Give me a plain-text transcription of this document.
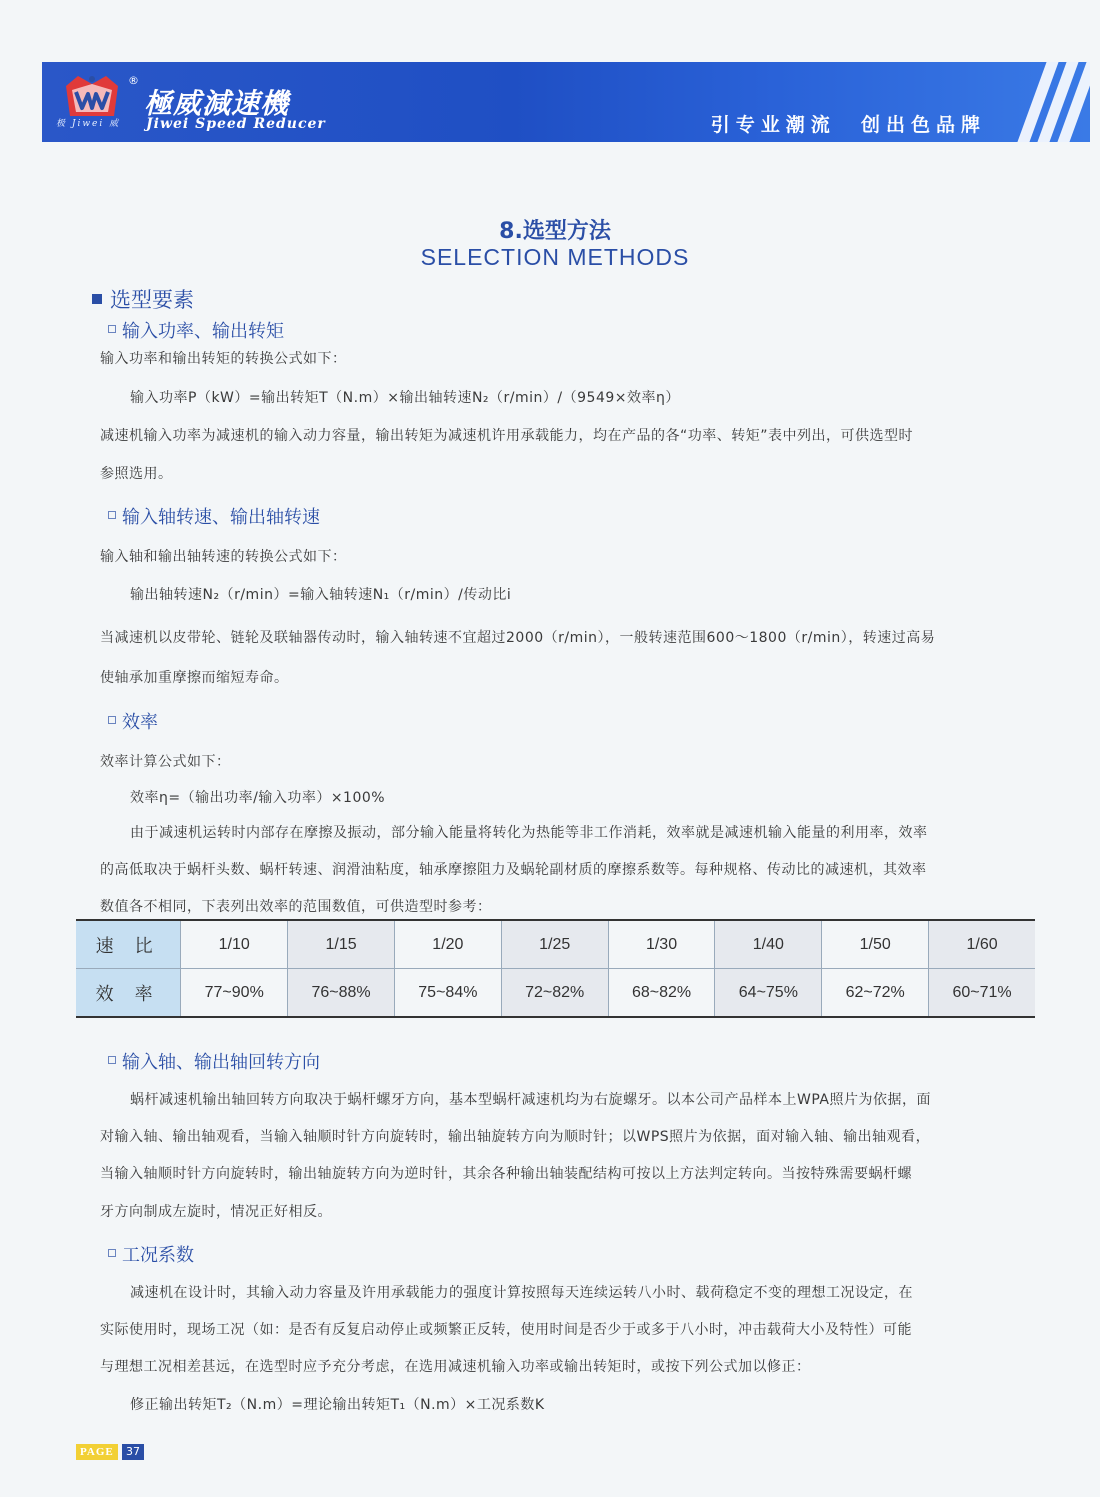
极 Jiwei 威
®
極威減速機
Jiwei Speed Reducer	引专业潮流  创出色品牌
8.选型方法
SELECTION METHODS
选型要素
输入功率、输出转矩
输入功率和输出转矩的转换公式如下：
输入功率P（kW）=输出转矩T（N.m）×输出轴转速N₂（r/min）/（9549×效率η）
减速机输入功率为减速机的输入动力容量，输出转矩为减速机许用承载能力，均在产品的各“功率、转矩”表中列出，可供选型时
参照选用。
输入轴转速、输出轴转速
输入轴和输出轴转速的转换公式如下：
输出轴转速N₂（r/min）=输入轴转速N₁（r/min）/传动比i
当减速机以皮带轮、链轮及联轴器传动时，输入轴转速不宜超过2000（r/min），一般转速范围600～1800（r/min），转速过高易
使轴承加重摩擦而缩短寿命。
效率
效率计算公式如下：
效率η=（输出功率/输入功率）×100%
由于减速机运转时内部存在摩擦及振动，部分输入能量将转化为热能等非工作消耗，效率就是减速机输入能量的利用率，效率
的高低取决于蜗杆头数、蜗杆转速、润滑油粘度，轴承摩擦阻力及蜗轮副材质的摩擦系数等。每种规格、传动比的减速机，其效率
数值各不相同，下表列出效率的范围数值，可供造型时参考：
速 比	1/10	1/15	1/20	1/25	1/30	1/40	1/50	1/60
效 率	77~90%	76~88%	75~84%	72~82%	68~82%	64~75%	62~72%	60~71%
输入轴、输出轴回转方向
蜗杆减速机输出轴回转方向取决于蜗杆螺牙方向，基本型蜗杆减速机均为右旋螺牙。以本公司产品样本上WPA照片为依据，面
对输入轴、输出轴观看，当输入轴顺时针方向旋转时，输出轴旋转方向为顺时针；以WPS照片为依据，面对输入轴、输出轴观看，
当输入轴顺时针方向旋转时，输出轴旋转方向为逆时针，其余各种输出轴装配结构可按以上方法判定转向。当按特殊需要蜗杆螺
牙方向制成左旋时，情况正好相反。
工况系数
减速机在设计时，其输入动力容量及许用承载能力的强度计算按照每天连续运转八小时、载荷稳定不变的理想工况设定，在
实际使用时，现场工况（如：是否有反复启动停止或频繁正反转，使用时间是否少于或多于八小时，冲击载荷大小及特性）可能
与理想工况相差甚远，在选型时应予充分考虑，在选用减速机输入功率或输出转矩时，或按下列公式加以修正：
修正输出转矩T₂（N.m）=理论输出转矩T₁（N.m）×工况系数K
PAGE	37
